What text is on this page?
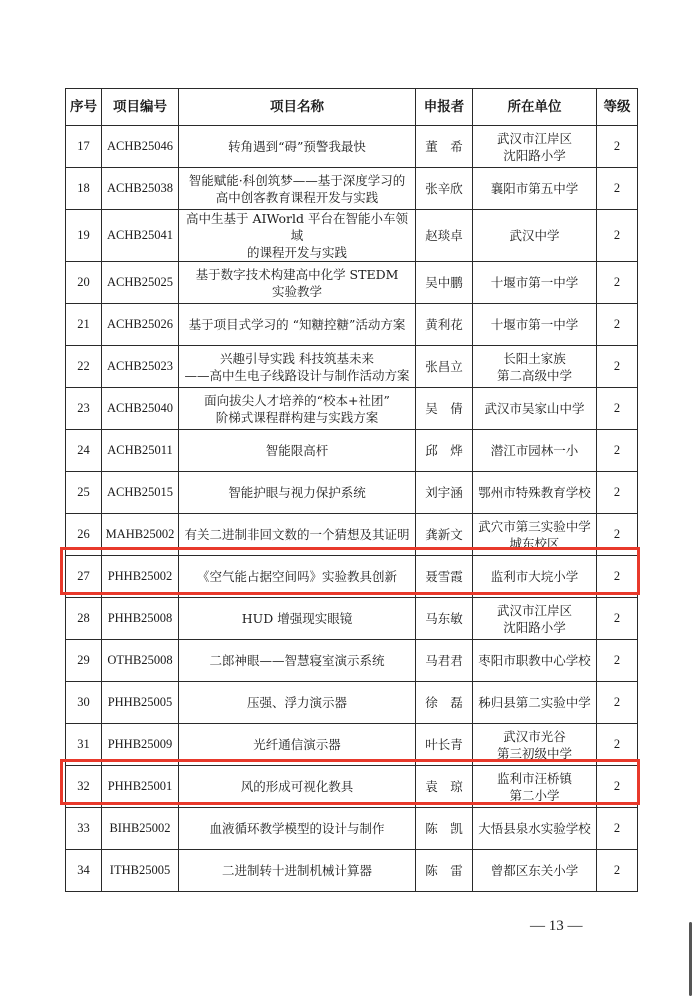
序号	项目编号	项目名称	申报者	所在单位	等级
17	ACHB25046	转角遇到“碍”预警我最快	董　希	武汉市江岸区
沈阳路小学	2
18	ACHB25038	智能赋能·科创筑梦——基于深度学习的
高中创客教育课程开发与实践	张辛欣	襄阳市第五中学	2
19	ACHB25041	高中生基于 AIWorld 平台在智能小车领域
的课程开发与实践	赵琰卓	武汉中学	2
20	ACHB25025	基于数字技术构建高中化学 STEDM
实验教学	吴中鹏	十堰市第一中学	2
21	ACHB25026	基于项目式学习的 “知糖控糖”活动方案	黄利花	十堰市第一中学	2
22	ACHB25023	兴趣引导实践 科技筑基未来
——高中生电子线路设计与制作活动方案	张昌立	长阳土家族
第二高级中学	2
23	ACHB25040	面向拔尖人才培养的“校本+社团”
阶梯式课程群构建与实践方案	吴　倩	武汉市吴家山中学	2
24	ACHB25011	智能限高杆	邱　烨	潜江市园林一小	2
25	ACHB25015	智能护眼与视力保护系统	刘宇涵	鄂州市特殊教育学校	2
26	MAHB25002	有关二进制非回文数的一个猜想及其证明	龚新文	武穴市第三实验中学
城东校区	2
27	PHHB25002	《空气能占据空间吗》实验教具创新	聂雪霞	监利市大垸小学	2
28	PHHB25008	HUD 增强现实眼镜	马东敏	武汉市江岸区
沈阳路小学	2
29	OTHB25008	二郎神眼——智慧寝室演示系统	马君君	枣阳市职教中心学校	2
30	PHHB25005	压强、浮力演示器	徐　磊	秭归县第二实验中学	2
31	PHHB25009	光纤通信演示器	叶长青	武汉市光谷
第三初级中学	2
32	PHHB25001	风的形成可视化教具	袁　琼	监利市汪桥镇
第二小学	2
33	BIHB25002	血液循环教学模型的设计与制作	陈　凯	大悟县泉水实验学校	2
34	ITHB25005	二进制转十进制机械计算器	陈　雷	曾都区东关小学	2
— 13 —
